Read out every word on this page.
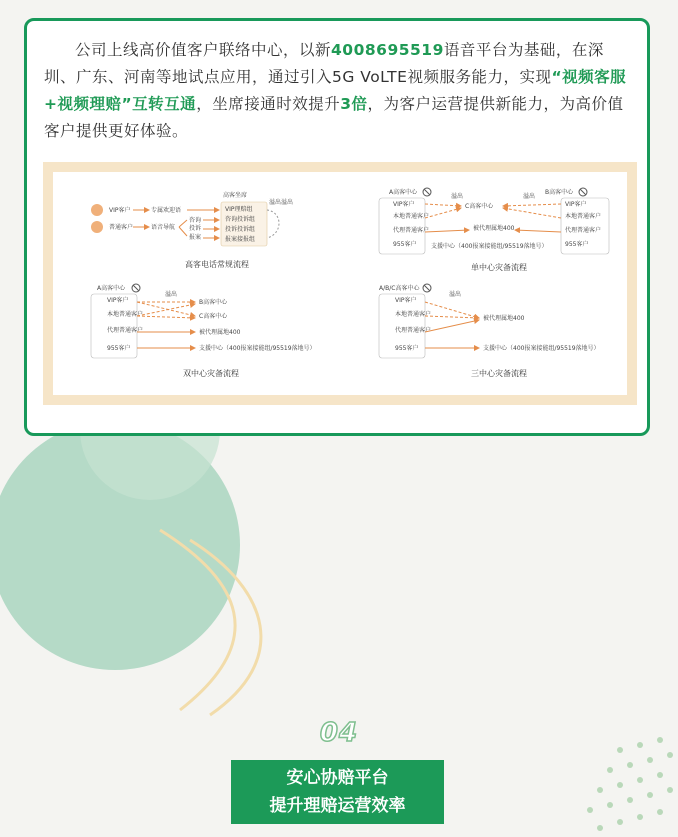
公司上线高价值客户联络中心，以新4008695519语音平台为基础，在深圳、广东、河南等地试点应用，通过引入5G VoLTE视频服务能力，实现“视频客服+视频理赔”互转互通，坐席接通时效提升3倍，为客户运营提供新能力，为高价值客户提供更好体验。
VIP客户
普通客户
专属欢迎语
语音导航
咨询
投诉
报案
高客坐席
VIP理赔组
咨询投诉组
投诉投诉组
报案接报组
溢出溢出
高客电话常规流程
A高客中心
VIP客户
本地普通客户
代理普通客户
955客户
B高客中心
VIP客户
本地普通客户
代理普通客户
955客户
C高客中心
溢出	溢出
被代理属地400
支援中心（400报案接能组/95519落地号）
单中心灾备流程
A高客中心
VIP客户
本地普通客户
代理普通客户
955客户
溢出
B高客中心
C高客中心
被代理属地400
支援中心（400报案接能组/95519落地号）
双中心灾备流程
A/B/C高客中心
VIP客户
本地普通客户
代理普通客户
955客户
溢出
被代理属地400
支援中心（400报案接能组/95519落地号）
三中心灾备流程
04
安心协赔平台
提升理赔运营效率
